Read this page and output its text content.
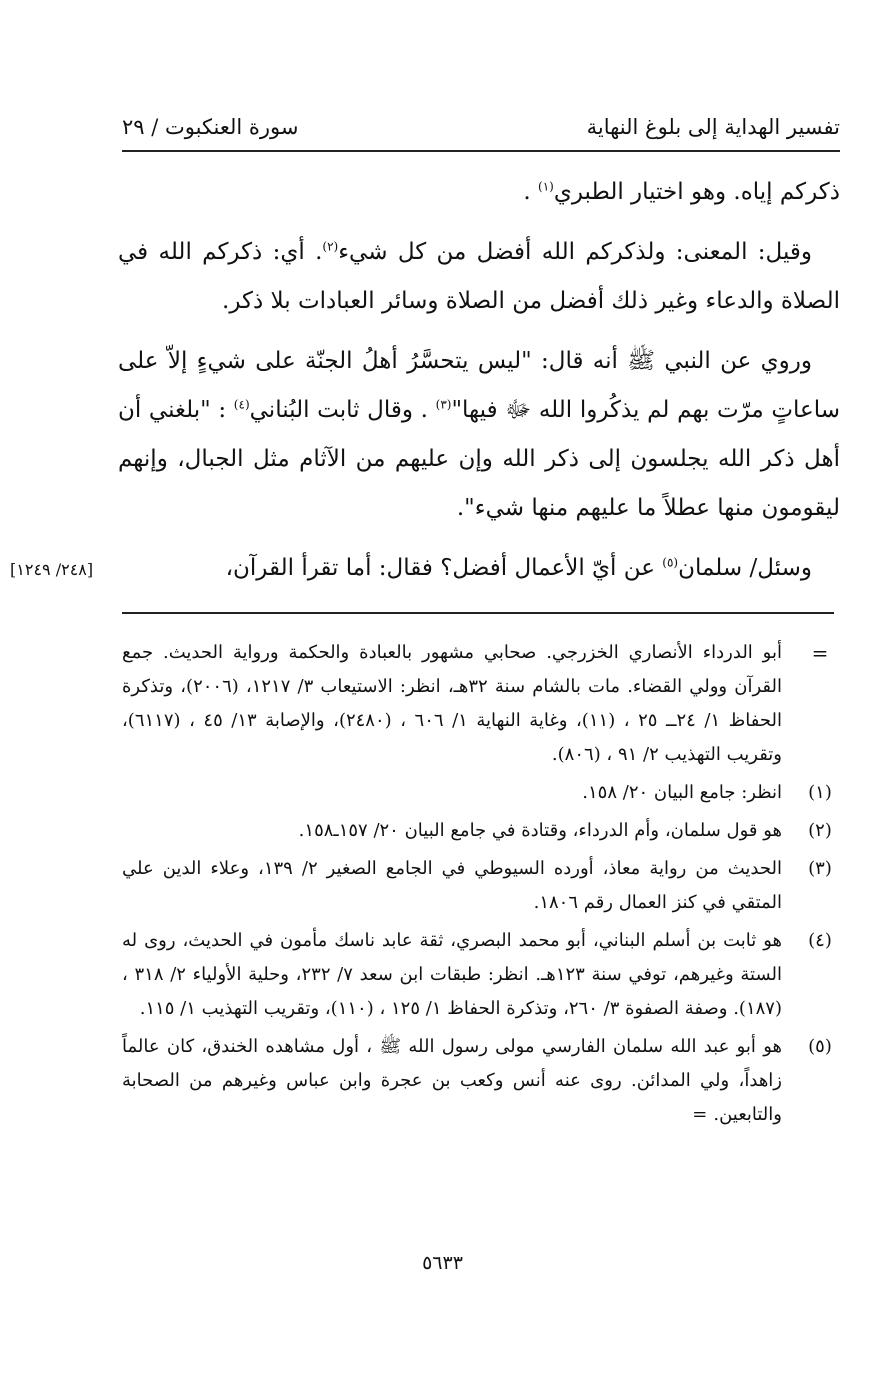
تفسير الهداية إلى بلوغ النهاية
سورة العنكبوت / ٢٩

ذكركم إياه. وهو اختيار الطبري$^{(١)}$ .

وقيل: المعنى: ولذكركم الله أفضل من كل شيء$^{(٢)}$. أي: ذكركم الله في الصلاة والدعاء وغير ذلك أفضل من الصلاة وسائر العبادات بلا ذكر.

وروي عن النبي ﷺ أنه قال: "ليس يتحسَّرُ أهلُ الجنّة على شيءٍ إلاّ على ساعاتٍ مرّت بهم لم يذكُروا الله ﷻ فيها"$^{(٣)}$ . وقال ثابت البُناني$^{(٤)}$ : "بلغني أن أهل ذكر الله يجلسون إلى ذكر الله وإن عليهم من الآثام مثل الجبال، وإنهم ليقومون منها عطلاً ما عليهم منها شيء".

وسئل/ سلمان$^{(٥)}$ عن أيّ الأعمال أفضل؟ فقال: أما تقرأ القرآن،

[٢٤٨/ ١٢٤٩]
=
أبو الدرداء الأنصاري الخزرجي. صحابي مشهور بالعبادة والحكمة ورواية الحديث. جمع القرآن وولي القضاء. مات بالشام سنة ٣٢هـ، انظر: الاستيعاب ٣/ ١٢١٧، (٢٠٠٦)، وتذكرة الحفاظ ١/ ٢٤ــ ٢٥ ، (١١)، وغاية النهاية ١/ ٦٠٦ ، (٢٤٨٠)، والإصابة ١٣/ ٤٥ ، (٦١١٧)، وتقريب التهذيب ٢/ ٩١ ، (٨٠٦).
(١)
انظر: جامع البيان ٢٠/ ١٥٨.
(٢)
هو قول سلمان، وأم الدرداء، وقتادة في جامع البيان ٢٠/ ١٥٧ـ١٥٨.
(٣)
الحديث من رواية معاذ، أورده السيوطي في الجامع الصغير ٢/ ١٣٩، وعلاء الدين علي المتقي في كنز العمال رقم ١٨٠٦.
(٤)
هو ثابت بن أسلم البناني، أبو محمد البصري، ثقة عابد ناسك مأمون في الحديث، روى له الستة وغيرهم، توفي سنة ١٢٣هـ. انظر: طبقات ابن سعد ٧/ ٢٣٢، وحلية الأولياء ٢/ ٣١٨ ، (١٨٧). وصفة الصفوة ٣/ ٢٦٠، وتذكرة الحفاظ ١/ ١٢٥ ، (١١٠)، وتقريب التهذيب ١/ ١١٥.
(٥)
هو أبو عبد الله سلمان الفارسي مولى رسول الله ﷺ ، أول مشاهده الخندق، كان عالماً زاهداً، ولي المدائن. روى عنه أنس وكعب بن عجرة وابن عباس وغيرهم من الصحابة والتابعين.=
٥٦٣٣
